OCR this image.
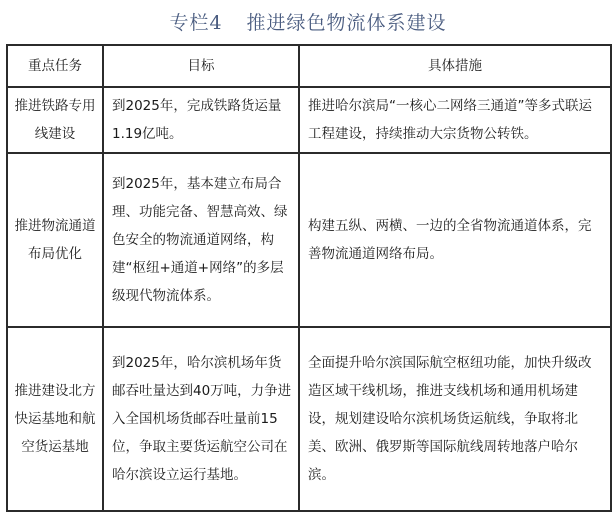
专栏4 推进绿色物流体系建设
重点任务	目标	具体措施
推进铁路专用线建设	到2025年，完成铁路货运量1.19亿吨。	推进哈尔滨局“一核心二网络三通道”等多式联运工程建设，持续推动大宗货物公转铁。
推进物流通道布局优化	到2025年，基本建立布局合理、功能完备、智慧高效、绿色安全的物流通道网络，构建“枢纽+通道+网络”的多层级现代物流体系。	构建五纵、两横、一边的全省物流通道体系，完善物流通道网络布局。
推进建设北方快运基地和航空货运基地	到2025年，哈尔滨机场年货邮吞吐量达到40万吨，力争进入全国机场货邮吞吐量前15位，争取主要货运航空公司在哈尔滨设立运行基地。	全面提升哈尔滨国际航空枢纽功能，加快升级改造区域干线机场，推进支线机场和通用机场建设，规划建设哈尔滨机场货运航线，争取将北美、欧洲、俄罗斯等国际航线周转地落户哈尔滨。
